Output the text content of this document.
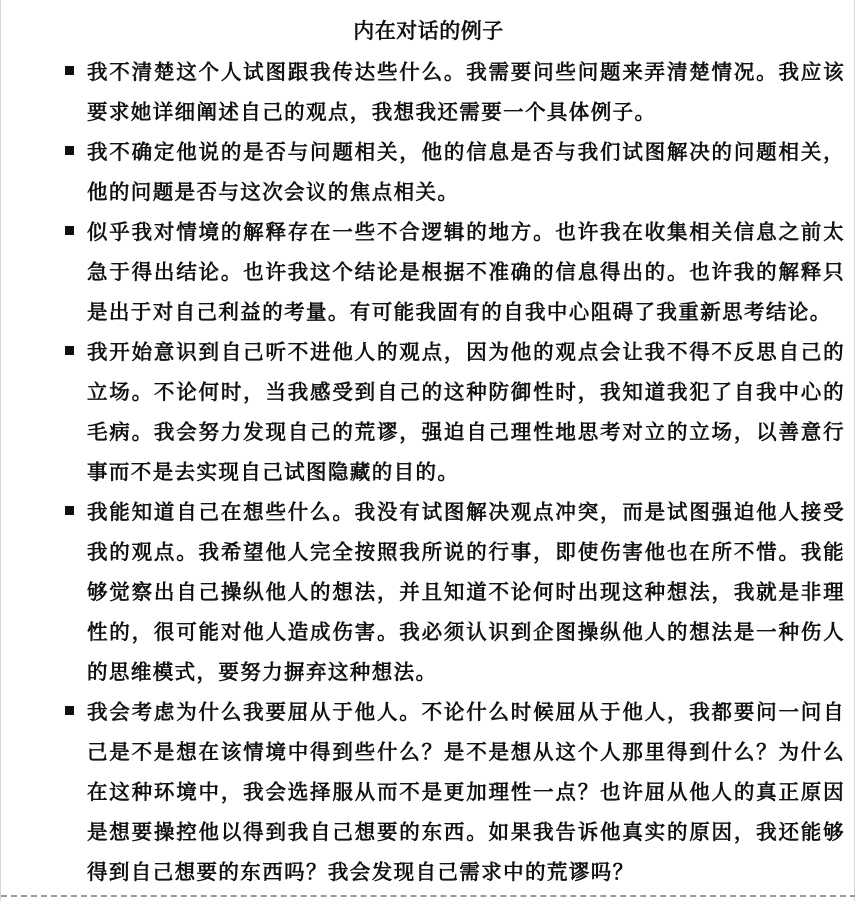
内在对话的例子
我不清楚这个人试图跟我传达些什么。我需要问些问题来弄清楚情况。我应该要求她详细阐述自己的观点，我想我还需要一个具体例子。
我不确定他说的是否与问题相关，他的信息是否与我们试图解决的问题相关，他的问题是否与这次会议的焦点相关。
似乎我对情境的解释存在一些不合逻辑的地方。也许我在收集相关信息之前太急于得出结论。也许我这个结论是根据不准确的信息得出的。也许我的解释只是出于对自己利益的考量。有可能我固有的自我中心阻碍了我重新思考结论。
我开始意识到自己听不进他人的观点，因为他的观点会让我不得不反思自己的立场。不论何时，当我感受到自己的这种防御性时，我知道我犯了自我中心的毛病。我会努力发现自己的荒谬，强迫自己理性地思考对立的立场，以善意行事而不是去实现自己试图隐藏的目的。
我能知道自己在想些什么。我没有试图解决观点冲突，而是试图强迫他人接受我的观点。我希望他人完全按照我所说的行事，即使伤害他也在所不惜。我能够觉察出自己操纵他人的想法，并且知道不论何时出现这种想法，我就是非理性的，很可能对他人造成伤害。我必须认识到企图操纵他人的想法是一种伤人的思维模式，要努力摒弃这种想法。
我会考虑为什么我要屈从于他人。不论什么时候屈从于他人，我都要问一问自己是不是想在该情境中得到些什么？是不是想从这个人那里得到什么？为什么在这种环境中，我会选择服从而不是更加理性一点？也许屈从他人的真正原因是想要操控他以得到我自己想要的东西。如果我告诉他真实的原因，我还能够得到自己想要的东西吗？我会发现自己需求中的荒谬吗？
